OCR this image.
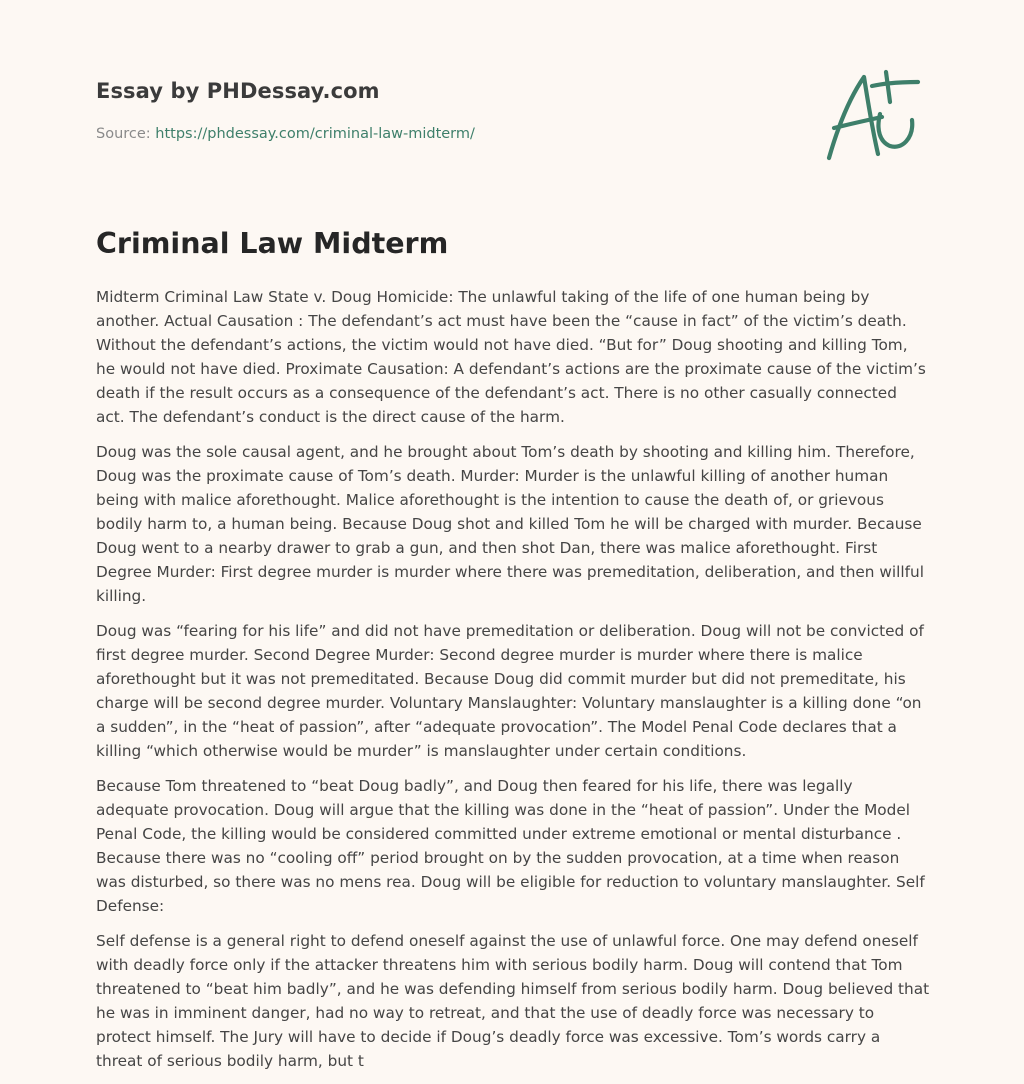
Essay by PHDessay.com
Source: https://phdessay.com/criminal-law-midterm/
Criminal Law Midterm

Midterm Criminal Law State v. Doug Homicide: The unlawful taking of the life of one human being by another. Actual Causation : The defendant’s act must have been the “cause in fact” of the victim’s death. Without the defendant’s actions, the victim would not have died. “But for” Doug shooting and killing Tom, he would not have died. Proximate Causation: A defendant’s actions are the proximate cause of the victim’s death if the result occurs as a consequence of the defendant’s act. There is no other casually connected act. The defendant’s conduct is the direct cause of the harm.

Doug was the sole causal agent, and he brought about Tom’s death by shooting and killing him. Therefore, Doug was the proximate cause of Tom’s death. Murder: Murder is the unlawful killing of another human being with malice aforethought. Malice aforethought is the intention to cause the death of, or grievous bodily harm to, a human being. Because Doug shot and killed Tom he will be charged with murder. Because Doug went to a nearby drawer to grab a gun, and then shot Dan, there was malice aforethought. First Degree Murder: First degree murder is murder where there was premeditation, deliberation, and then willful killing.

Doug was “fearing for his life” and did not have premeditation or deliberation. Doug will not be convicted of first degree murder. Second Degree Murder: Second degree murder is murder where there is malice aforethought but it was not premeditated. Because Doug did commit murder but did not premeditate, his charge will be second degree murder. Voluntary Manslaughter: Voluntary manslaughter is a killing done “on a sudden”, in the “heat of passion”, after “adequate provocation”. The Model Penal Code declares that a killing “which otherwise would be murder” is manslaughter under certain conditions.

Because Tom threatened to “beat Doug badly”, and Doug then feared for his life, there was legally adequate provocation. Doug will argue that the killing was done in the “heat of passion”. Under the Model Penal Code, the killing would be considered committed under extreme emotional or mental disturbance . Because there was no “cooling off” period brought on by the sudden provocation, at a time when reason was disturbed, so there was no mens rea. Doug will be eligible for reduction to voluntary manslaughter. Self Defense:

Self defense is a general right to defend oneself against the use of unlawful force. One may defend oneself with deadly force only if the attacker threatens him with serious bodily harm. Doug will contend that Tom threatened to “beat him badly”, and he was defending himself from serious bodily harm. Doug believed that he was in imminent danger, had no way to retreat, and that the use of deadly force was necessary to protect himself. The Jury will have to decide if Doug’s deadly force was excessive. Tom’s words carry a threat of serious bodily harm, but t
